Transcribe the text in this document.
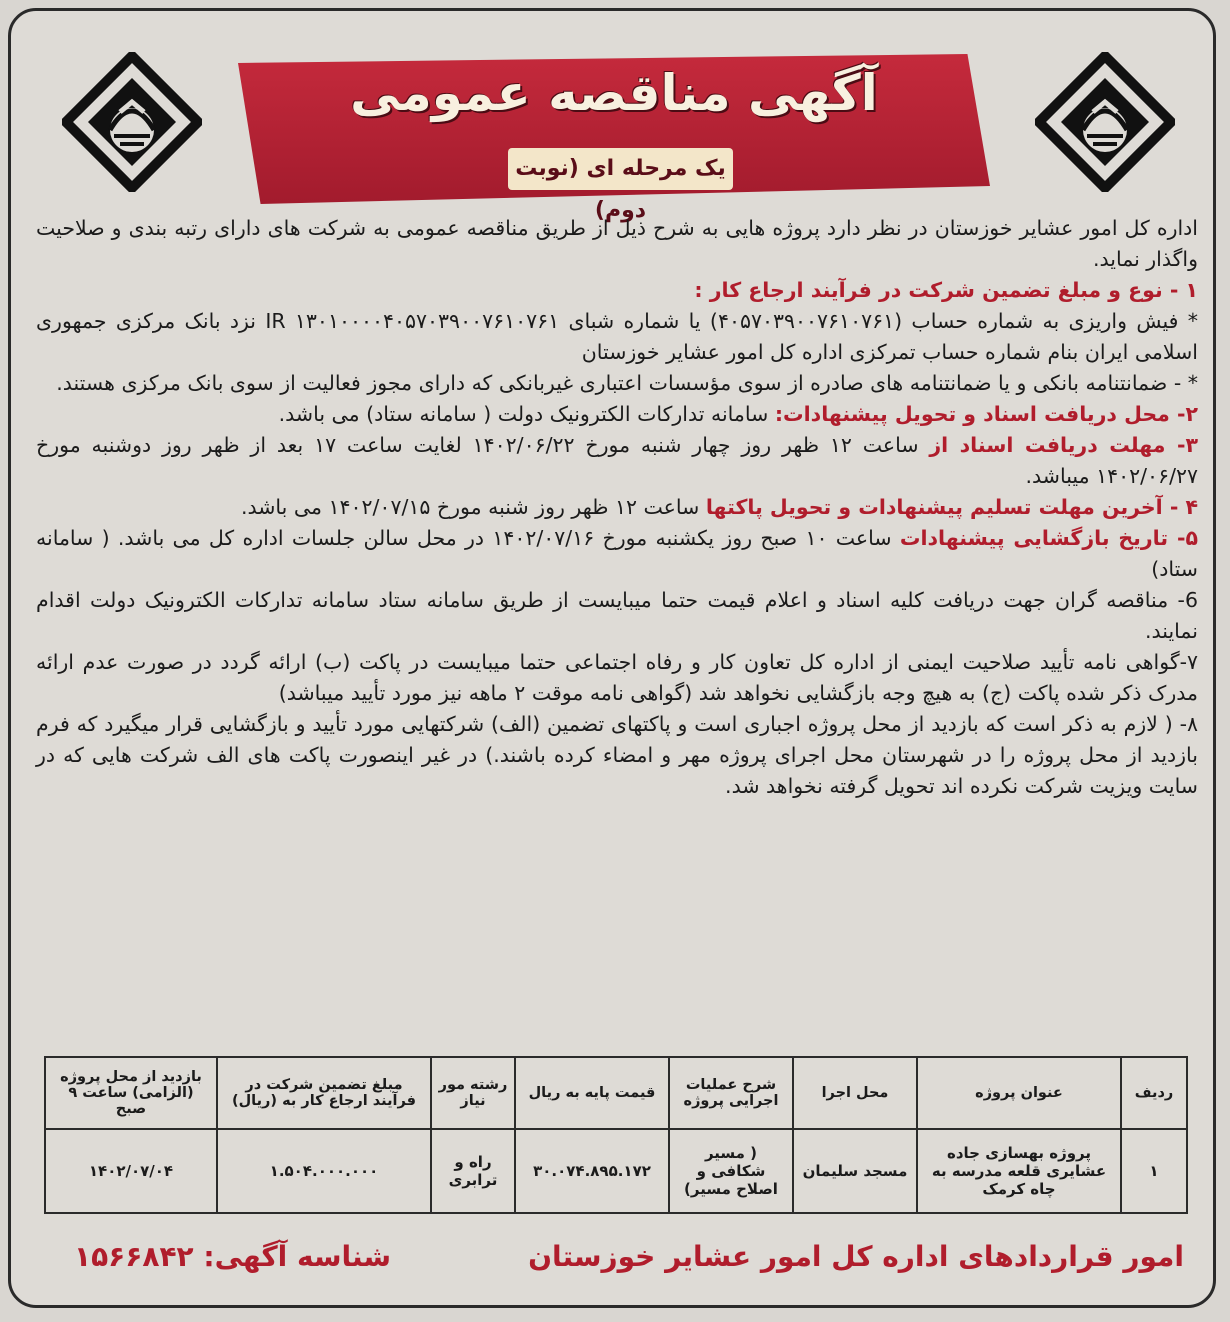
آگهی مناقصه عمومی
یک مرحله ای (نوبت دوم)

اداره کل امور عشایر خوزستان در نظر دارد پروژه هایی به شرح ذیل از طریق مناقصه عمومی به شرکت های دارای رتبه بندی و صلاحیت واگذار نماید.

۱ - نوع و مبلغ تضمین شرکت در فرآیند ارجاع کار :

* فیش واریزی به شماره حساب (۴۰۵۷۰۳۹۰۰۷۶۱۰۷۶۱) یا شماره شبای IR ۱۳۰۱۰۰۰۰۴۰۵۷۰۳۹۰۰۷۶۱۰۷۶۱ نزد بانک مرکزی جمهوری اسلامی ایران بنام شماره حساب تمرکزی اداره کل امور عشایر خوزستان

* - ضمانتنامه بانکی و یا ضمانتنامه های صادره از سوی مؤسسات اعتباری غیربانکی که دارای مجوز فعالیت از سوی بانک مرکزی هستند.

۲- محل دریافت اسناد و تحویل پیشنهادات: سامانه تدارکات الکترونیک دولت ( سامانه ستاد) می باشد.

۳- مهلت دریافت اسناد از ساعت ۱۲ ظهر روز چهار شنبه مورخ ۱۴۰۲/۰۶/۲۲ لغایت ساعت ۱۷ بعد از ظهر روز دوشنبه مورخ ۱۴۰۲/۰۶/۲۷ میباشد.

۴ - آخرین مهلت تسلیم پیشنهادات و تحویل پاکتها ساعت ۱۲ ظهر روز شنبه مورخ ۱۴۰۲/۰۷/۱۵ می باشد.

۵- تاریخ بازگشایی پیشنهادات ساعت ۱۰ صبح روز یکشنبه مورخ ۱۴۰۲/۰۷/۱۶ در محل سالن جلسات اداره کل می باشد. ( سامانه ستاد)

6- مناقصه گران جهت دریافت کلیه اسناد و اعلام قیمت حتما میبایست از طریق سامانه ستاد سامانه تدارکات الکترونیک دولت اقدام نمایند.

۷-گواهی نامه تأیید صلاحیت ایمنی از اداره کل تعاون کار و رفاه اجتماعی حتما میبایست در پاکت (ب) ارائه گردد در صورت عدم ارائه مدرک ذکر شده پاکت (ج) به هیچ وجه بازگشایی نخواهد شد (گواهی نامه موقت ۲ ماهه نیز مورد تأیید میباشد)

۸- ( لازم به ذکر است که بازدید از محل پروژه اجباری است و پاکتهای تضمین (الف) شرکتهایی مورد تأیید و بازگشایی قرار میگیرد که فرم بازدید از محل پروژه را در شهرستان محل اجرای پروژه مهر و امضاء کرده باشند.) در غیر اینصورت پاکت های الف شرکت هایی که در سایت ویزیت شرکت نکرده اند تحویل گرفته نخواهد شد.

ردیف	عنوان پروژه	محل اجرا	شرح عملیات اجرایی پروژه	قیمت پایه به ریال	رشته مور نیاز	مبلغ تضمین شرکت در فرآیند ارجاع کار به (ریال)	بازدید از محل پروژه (الزامی) ساعت ۹ صبح
۱	پروژه بهسازی جاده عشایری قلعه مدرسه به چاه کرمک	مسجد سلیمان	( مسیر شکافی و اصلاح مسیر)	۳۰.۰۷۴.۸۹۵.۱۷۲	راه و ترابری	۱.۵۰۴.۰۰۰.۰۰۰	۱۴۰۲/۰۷/۰۴
امور قراردادهای اداره کل امور عشایر خوزستان
شناسه آگهی: ۱۵۶۶۸۴۲
